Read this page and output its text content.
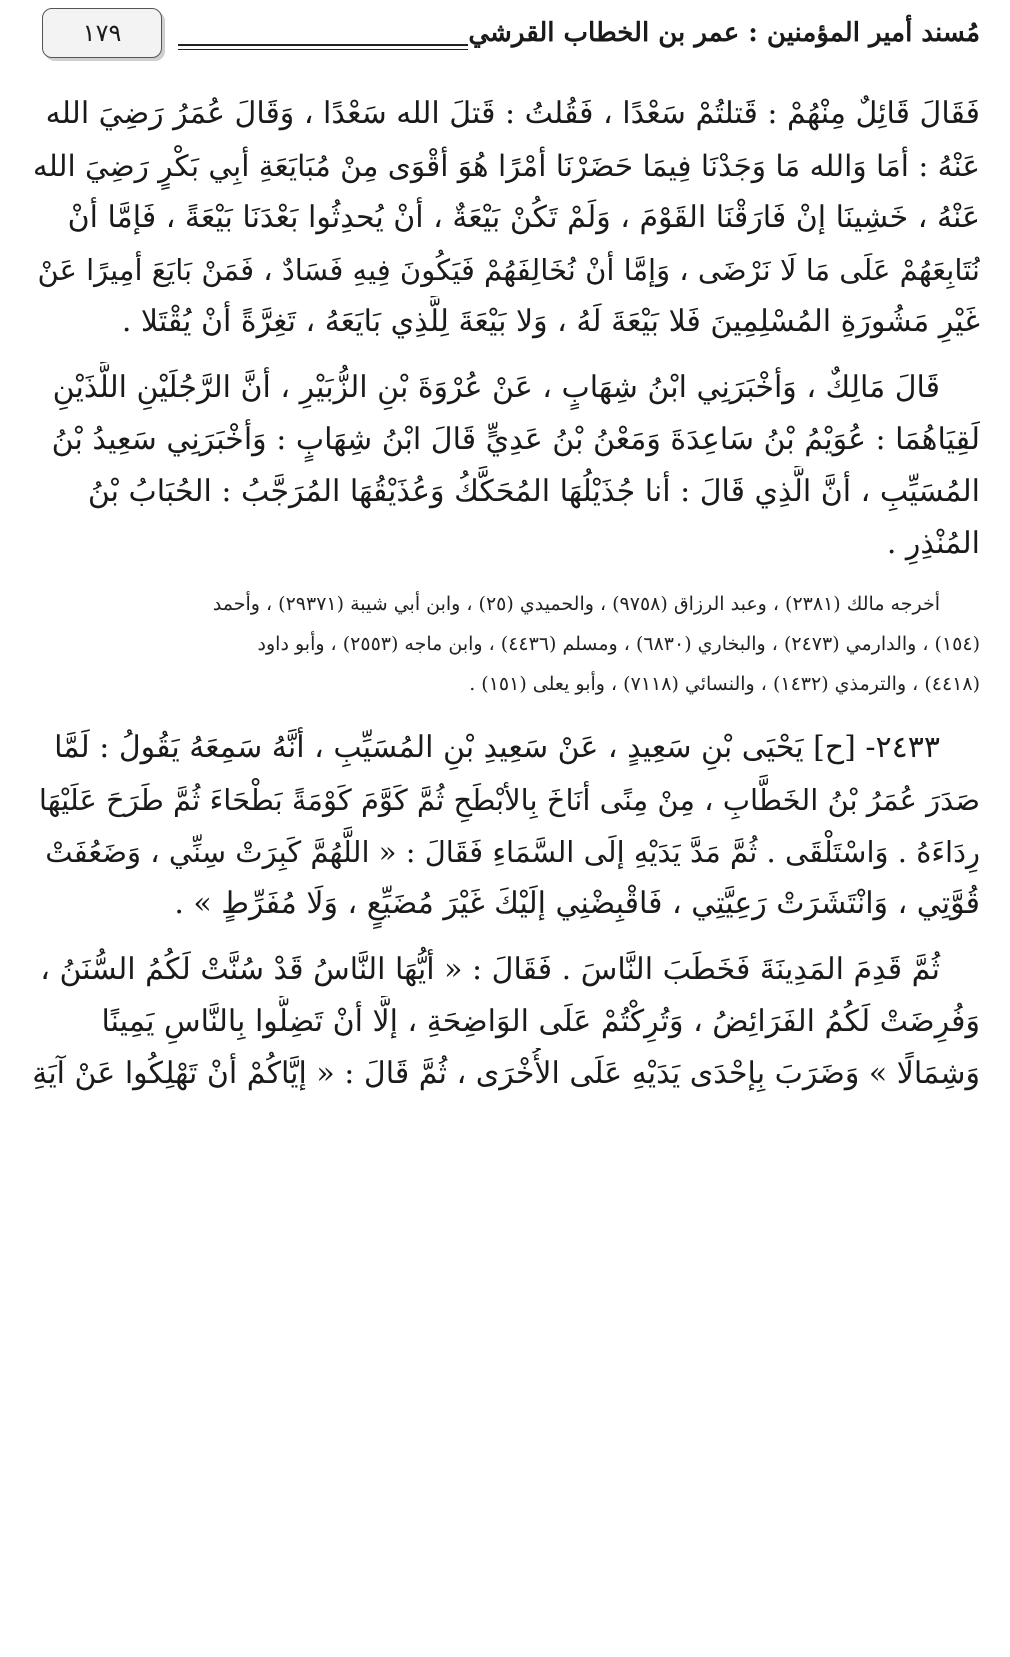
مُسند أمير المؤمنين : عمر بن الخطاب القرشي
١٧٩

فَقَالَ قَائِلٌ مِنْهُمْ : قَتلتُمْ سَعْدًا ، فَقُلتُ : قَتلَ الله سَعْدًا ، وَقَالَ عُمَرُ رَضِيَ الله
عَنْهُ : أمَا وَالله مَا وَجَدْنَا فِيمَا حَضَرْنَا أمْرًا هُوَ أقْوَى مِنْ مُبَايَعَةِ أبِي بَكْرٍ رَضِيَ الله
عَنْهُ ، خَشِينَا إنْ فَارَقْنَا القَوْمَ ، وَلَمْ تَكُنْ بَيْعَةٌ ، أنْ يُحدِثُوا بَعْدَنَا بَيْعَةً ، فَإمَّا أنْ
نُتَابِعَهُمْ عَلَى مَا لَا نَرْضَى ، وَإمَّا أنْ نُخَالِفَهُمْ فَيَكُونَ فِيهِ فَسَادٌ ، فَمَنْ بَايَعَ أمِيرًا عَنْ
غَيْرِ مَشُورَةِ المُسْلِمِينَ فَلا بَيْعَةَ لَهُ ، وَلا بَيْعَةَ لِلَّذِي بَايَعَهُ ، تَغِرَّةً أنْ يُقْتَلا .

قَالَ مَالِكٌ ، وَأخْبَرَنِي ابْنُ شِهَابٍ ، عَنْ عُرْوَةَ بْنِ الزُّبَيْرِ ، أنَّ الرَّجُلَيْنِ اللَّذَيْنِ
لَقِيَاهُمَا : عُوَيْمُ بْنُ سَاعِدَةَ وَمَعْنُ بْنُ عَدِيٍّ قَالَ ابْنُ شِهَابٍ : وَأخْبَرَنِي سَعِيدُ بْنُ
المُسَيِّبِ ، أنَّ الَّذِي قَالَ : أنا جُذَيْلُهَا المُحَكَّكُ وَعُذَيْقُهَا المُرَجَّبُ : الحُبَابُ بْنُ
المُنْذِرِ .

أخرجه مالك (٢٣٨١) ، وعبد الرزاق (٩٧٥٨) ، والحميدي (٢٥) ، وابن أبي شيبة (٢٩٣٧١) ، وأحمد
(١٥٤) ، والدارمي (٢٤٧٣) ، والبخاري (٦٨٣٠) ، ومسلم (٤٤٣٦) ، وابن ماجه (٢٥٥٣) ، وأبو داود
(٤٤١٨) ، والترمذي (١٤٣٢) ، والنسائي (٧١١٨) ، وأبو يعلى (١٥١) .

٢٤٣٣- [ح] يَحْيَى بْنِ سَعِيدٍ ، عَنْ سَعِيدِ بْنِ المُسَيِّبِ ، أنَّهُ سَمِعَهُ يَقُولُ : لَمَّا
صَدَرَ عُمَرُ بْنُ الخَطَّابِ ، مِنْ مِنًى أنَاخَ بِالأبْطَحِ ثُمَّ كَوَّمَ كَوْمَةً بَطْحَاءَ ثُمَّ طَرَحَ عَلَيْهَا
رِدَاءَهُ . وَاسْتَلْقَى . ثُمَّ مَدَّ يَدَيْهِ إلَى السَّمَاءِ فَقَالَ : « اللَّهُمَّ كَبِرَتْ سِنِّي ، وَضَعُفَتْ
قُوَّتِي ، وَانْتَشَرَتْ رَعِيَّتِي ، فَاقْبِضْنِي إلَيْكَ غَيْرَ مُضَيِّعٍ ، وَلَا مُفَرِّطٍ » .

ثُمَّ قَدِمَ المَدِينَةَ فَخَطَبَ النَّاسَ . فَقَالَ : « أيُّهَا النَّاسُ قَدْ سُنَّتْ لَكُمُ السُّنَنُ ،
وَفُرِضَتْ لَكُمُ الفَرَائِضُ ، وَتُرِكْتُمْ عَلَى الوَاضِحَةِ ، إلَّا أنْ تَضِلُّوا بِالنَّاسِ يَمِينًا
وَشِمَالًا » وَضَرَبَ بِإحْدَى يَدَيْهِ عَلَى الأُخْرَى ، ثُمَّ قَالَ : « إيَّاكُمْ أنْ تَهْلِكُوا عَنْ آيَةِ
